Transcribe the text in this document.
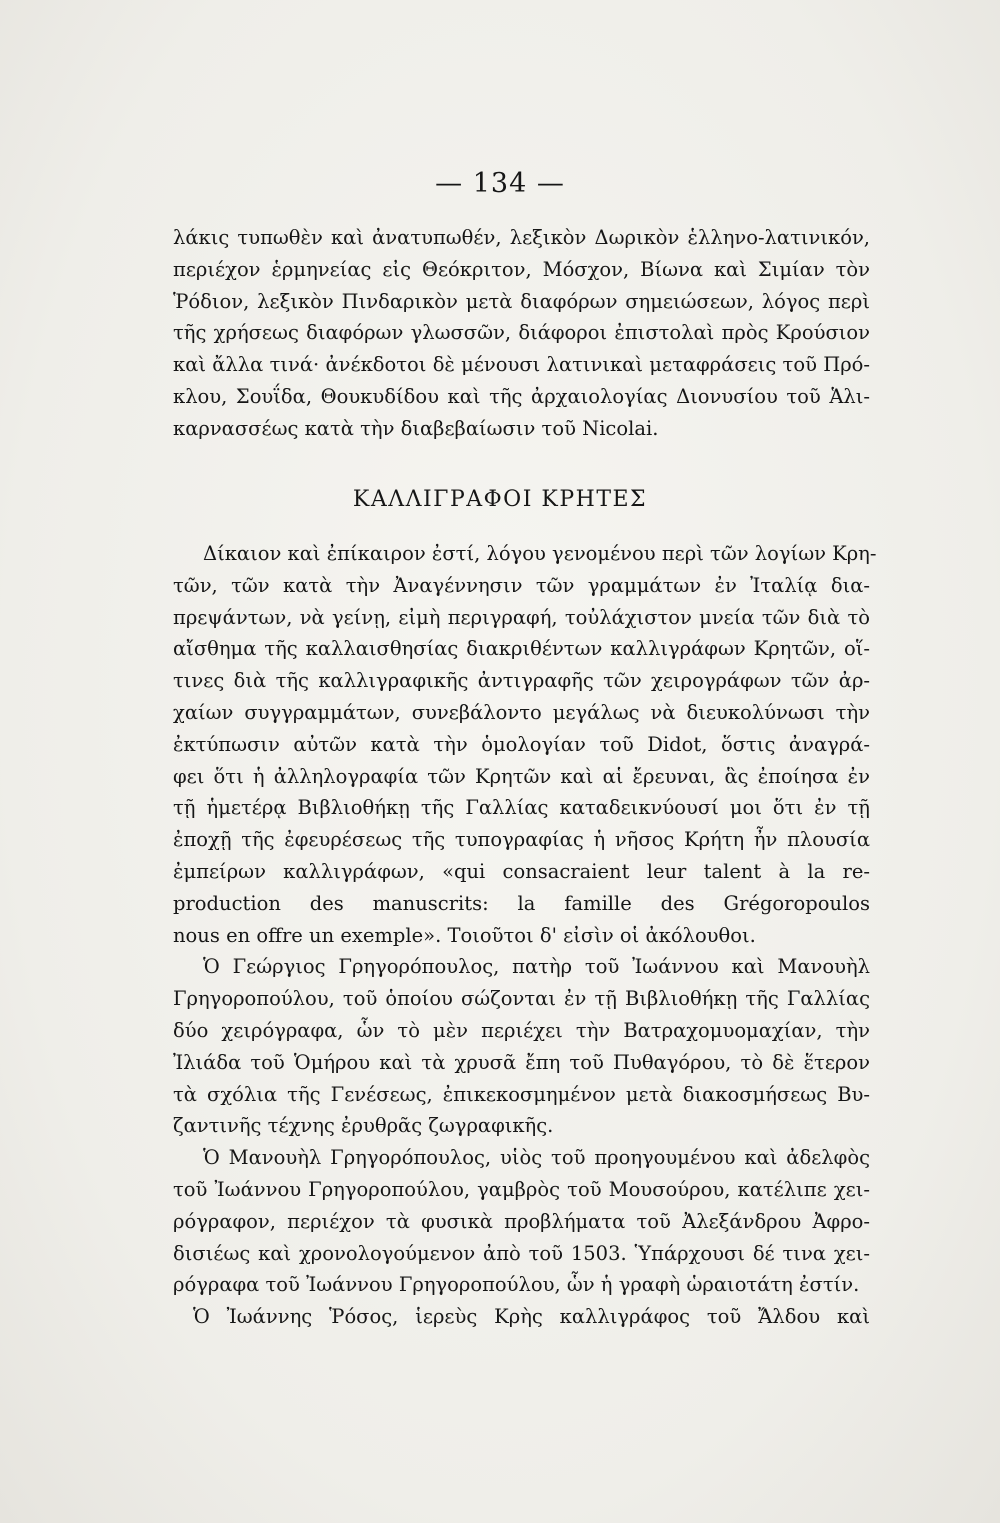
— 134 —
λάκις τυπωθὲν καὶ ἀνατυπωθέν, λεξικὸν Δωρικὸν ἑλληνο-λατινικόν,
περιέχον ἑρμηνείας εἰς Θεόκριτον, Μόσχον, Βίωνα καὶ Σιμίαν τὸν
Ῥόδιον, λεξικὸν Πινδαρικὸν μετὰ διαφόρων σημειώσεων, λόγος περὶ
τῆς χρήσεως διαφόρων γλωσσῶν, διάφοροι ἐπιστολαὶ πρὸς Κρούσιον
καὶ ἄλλα τινά· ἀνέκδοτοι δὲ μένουσι λατινικαὶ μεταφράσεις τοῦ Πρό-
κλου, Σουΐδα, Θουκυδίδου καὶ τῆς ἀρχαιολογίας Διονυσίου τοῦ Ἁλι-
καρνασσέως κατὰ τὴν διαβεβαίωσιν τοῦ Nicolai.
ΚΑΛΛΙΓΡΑΦΟΙ ΚΡΗΤΕΣ
Δίκαιον καὶ ἐπίκαιρον ἐστί, λόγου γενομένου περὶ τῶν λογίων Κρη-
τῶν, τῶν κατὰ τὴν Ἀναγέννησιν τῶν γραμμάτων ἐν Ἰταλίᾳ δια-
πρεψάντων, νὰ γείνῃ, εἰμὴ περιγραφή, τοὐλάχιστον μνεία τῶν διὰ τὸ
αἴσθημα τῆς καλλαισθησίας διακριθέντων καλλιγράφων Κρητῶν, οἵ-
τινες διὰ τῆς καλλιγραφικῆς ἀντιγραφῆς τῶν χειρογράφων τῶν ἀρ-
χαίων συγγραμμάτων, συνεβάλοντο μεγάλως νὰ διευκολύνωσι τὴν
ἐκτύπωσιν αὐτῶν κατὰ τὴν ὁμολογίαν τοῦ Didot, ὅστις ἀναγρά-
φει ὅτι ἡ ἀλληλογραφία τῶν Κρητῶν καὶ αἱ ἔρευναι, ἃς ἐποίησα ἐν
τῇ ἡμετέρᾳ Βιβλιοθήκῃ τῆς Γαλλίας καταδεικνύουσί μοι ὅτι ἐν τῇ
ἐποχῇ τῆς ἐφευρέσεως τῆς τυπογραφίας ἡ νῆσος Κρήτη ἦν πλουσία
ἐμπείρων καλλιγράφων, «qui consacraient leur talent à la re-
production des manuscrits: la famille des Grégoropoulos
nous en offre un exemple». Τοιοῦτοι δ' εἰσὶν οἱ ἀκόλουθοι.
Ὁ Γεώργιος Γρηγορόπουλος, πατὴρ τοῦ Ἰωάννου καὶ Μανουὴλ
Γρηγοροπούλου, τοῦ ὁποίου σώζονται ἐν τῇ Βιβλιοθήκῃ τῆς Γαλλίας
δύο χειρόγραφα, ὧν τὸ μὲν περιέχει τὴν Βατραχομυομαχίαν, τὴν
Ἰλιάδα τοῦ Ὁμήρου καὶ τὰ χρυσᾶ ἔπη τοῦ Πυθαγόρου, τὸ δὲ ἕτερον
τὰ σχόλια τῆς Γενέσεως, ἐπικεκοσμημένον μετὰ διακοσμήσεως Βυ-
ζαντινῆς τέχνης ἐρυθρᾶς ζωγραφικῆς.
Ὁ Μανουὴλ Γρηγορόπουλος, υἱὸς τοῦ προηγουμένου καὶ ἀδελφὸς
τοῦ Ἰωάννου Γρηγοροπούλου, γαμβρὸς τοῦ Μουσούρου, κατέλιπε χει-
ρόγραφον, περιέχον τὰ φυσικὰ προβλήματα τοῦ Ἀλεξάνδρου Ἀφρο-
δισιέως καὶ χρονολογούμενον ἀπὸ τοῦ 1503. Ὑπάρχουσι δέ τινα χει-
ρόγραφα τοῦ Ἰωάννου Γρηγοροπούλου, ὧν ἡ γραφὴ ὡραιοτάτη ἐστίν.
Ὁ Ἰωάννης Ῥόσος, ἱερεὺς Κρὴς καλλιγράφος τοῦ Ἄλδου καὶ
